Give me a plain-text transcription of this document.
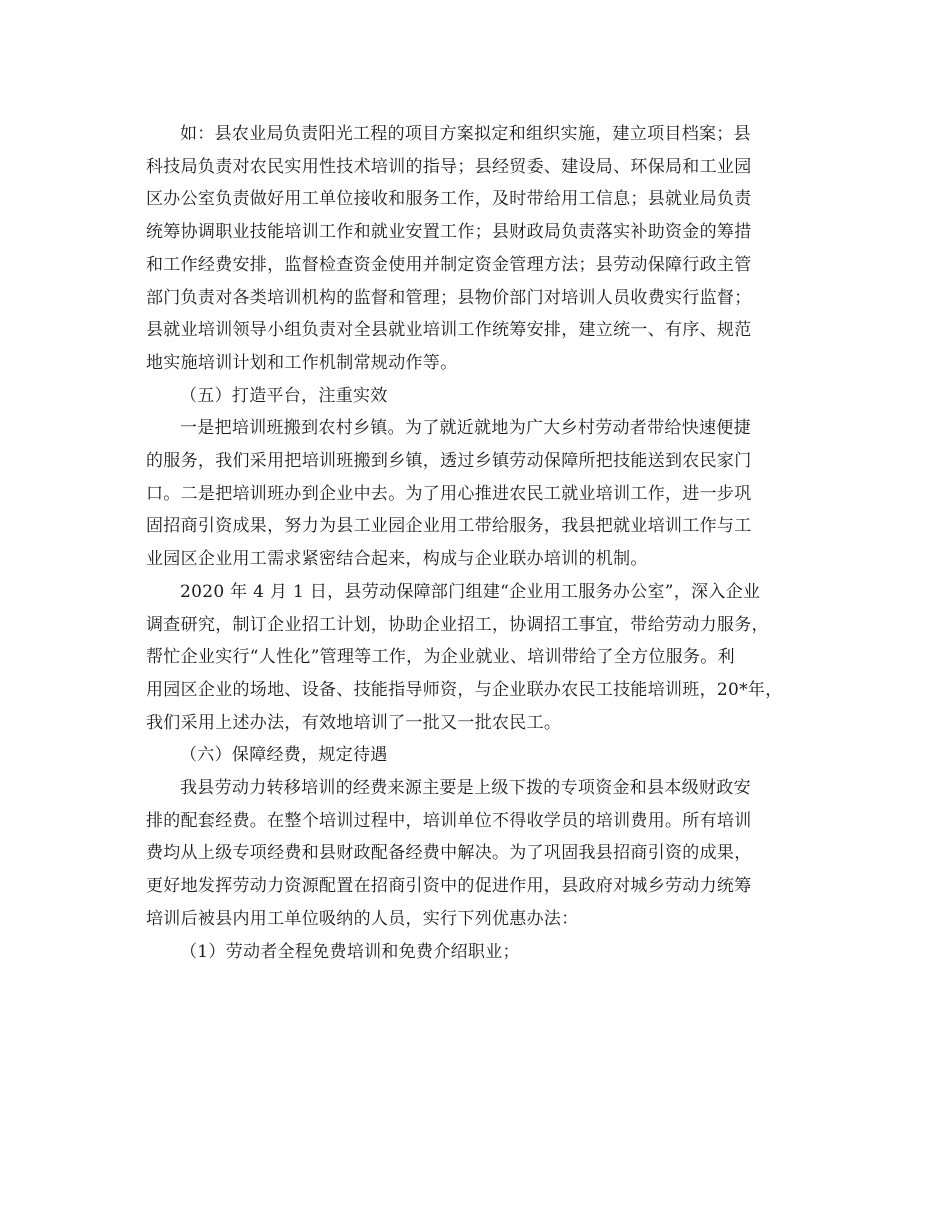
如：县农业局负责阳光工程的项目方案拟定和组织实施，建立项目档案；县
科技局负责对农民实用性技术培训的指导；县经贸委、建设局、环保局和工业园
区办公室负责做好用工单位接收和服务工作，及时带给用工信息；县就业局负责
统筹协调职业技能培训工作和就业安置工作；县财政局负责落实补助资金的筹措
和工作经费安排，监督检查资金使用并制定资金管理方法；县劳动保障行政主管
部门负责对各类培训机构的监督和管理；县物价部门对培训人员收费实行监督；
县就业培训领导小组负责对全县就业培训工作统筹安排，建立统一、有序、规范
地实施培训计划和工作机制常规动作等。

（五）打造平台，注重实效

一是把培训班搬到农村乡镇。为了就近就地为广大乡村劳动者带给快速便捷
的服务，我们采用把培训班搬到乡镇，透过乡镇劳动保障所把技能送到农民家门
口。二是把培训班办到企业中去。为了用心推进农民工就业培训工作，进一步巩
固招商引资成果，努力为县工业园企业用工带给服务，我县把就业培训工作与工
业园区企业用工需求紧密结合起来，构成与企业联办培训的机制。

2020 年 4 月 1 日，县劳动保障部门组建“企业用工服务办公室”，深入企业
调查研究，制订企业招工计划，协助企业招工，协调招工事宜，带给劳动力服务，
帮忙企业实行“人性化”管理等工作，为企业就业、培训带给了全方位服务。利
用园区企业的场地、设备、技能指导师资，与企业联办农民工技能培训班，20*年，
我们采用上述办法，有效地培训了一批又一批农民工。

（六）保障经费，规定待遇

我县劳动力转移培训的经费来源主要是上级下拨的专项资金和县本级财政安
排的配套经费。在整个培训过程中，培训单位不得收学员的培训费用。所有培训
费均从上级专项经费和县财政配备经费中解决。为了巩固我县招商引资的成果，
更好地发挥劳动力资源配置在招商引资中的促进作用，县政府对城乡劳动力统筹
培训后被县内用工单位吸纳的人员，实行下列优惠办法：

（1）劳动者全程免费培训和免费介绍职业；
